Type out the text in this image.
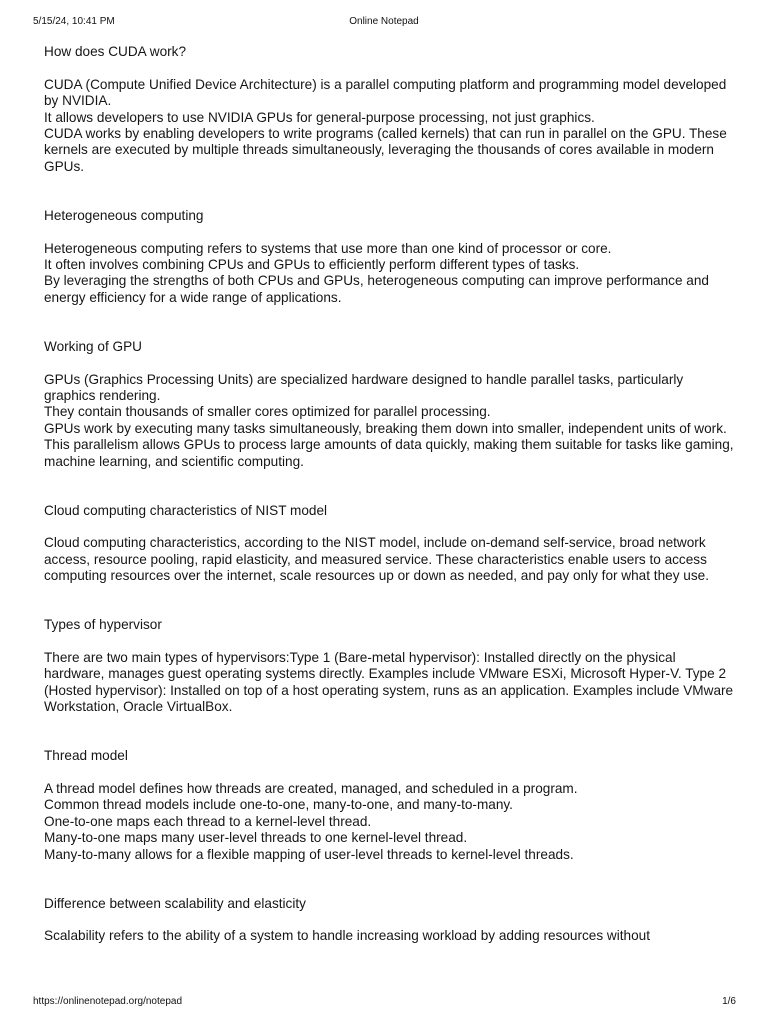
5/15/24, 10:41 PM	Online Notepad

How does CUDA work?

CUDA (Compute Unified Device Architecture) is a parallel computing platform and programming model developed by NVIDIA.

It allows developers to use NVIDIA GPUs for general-purpose processing, not just graphics.

CUDA works by enabling developers to write programs (called kernels) that can run in parallel on the GPU. These kernels are executed by multiple threads simultaneously, leveraging the thousands of cores available in modern GPUs.

Heterogeneous computing

Heterogeneous computing refers to systems that use more than one kind of processor or core.

It often involves combining CPUs and GPUs to efficiently perform different types of tasks.

By leveraging the strengths of both CPUs and GPUs, heterogeneous computing can improve performance and energy efficiency for a wide range of applications.

Working of GPU

GPUs (Graphics Processing Units) are specialized hardware designed to handle parallel tasks, particularly graphics rendering.

They contain thousands of smaller cores optimized for parallel processing.

GPUs work by executing many tasks simultaneously, breaking them down into smaller, independent units of work.

This parallelism allows GPUs to process large amounts of data quickly, making them suitable for tasks like gaming, machine learning, and scientific computing.

Cloud computing characteristics of NIST model

Cloud computing characteristics, according to the NIST model, include on-demand self-service, broad network access, resource pooling, rapid elasticity, and measured service. These characteristics enable users to access computing resources over the internet, scale resources up or down as needed, and pay only for what they use.

Types of hypervisor

There are two main types of hypervisors:Type 1 (Bare-metal hypervisor): Installed directly on the physical hardware, manages guest operating systems directly. Examples include VMware ESXi, Microsoft Hyper-V. Type 2 (Hosted hypervisor): Installed on top of a host operating system, runs as an application. Examples include VMware Workstation, Oracle VirtualBox.

Thread model

A thread model defines how threads are created, managed, and scheduled in a program.

Common thread models include one-to-one, many-to-one, and many-to-many.

One-to-one maps each thread to a kernel-level thread.

Many-to-one maps many user-level threads to one kernel-level thread.

Many-to-many allows for a flexible mapping of user-level threads to kernel-level threads.

Difference between scalability and elasticity

Scalability refers to the ability of a system to handle increasing workload by adding resources without

https://onlinenotepad.org/notepad	1/6
